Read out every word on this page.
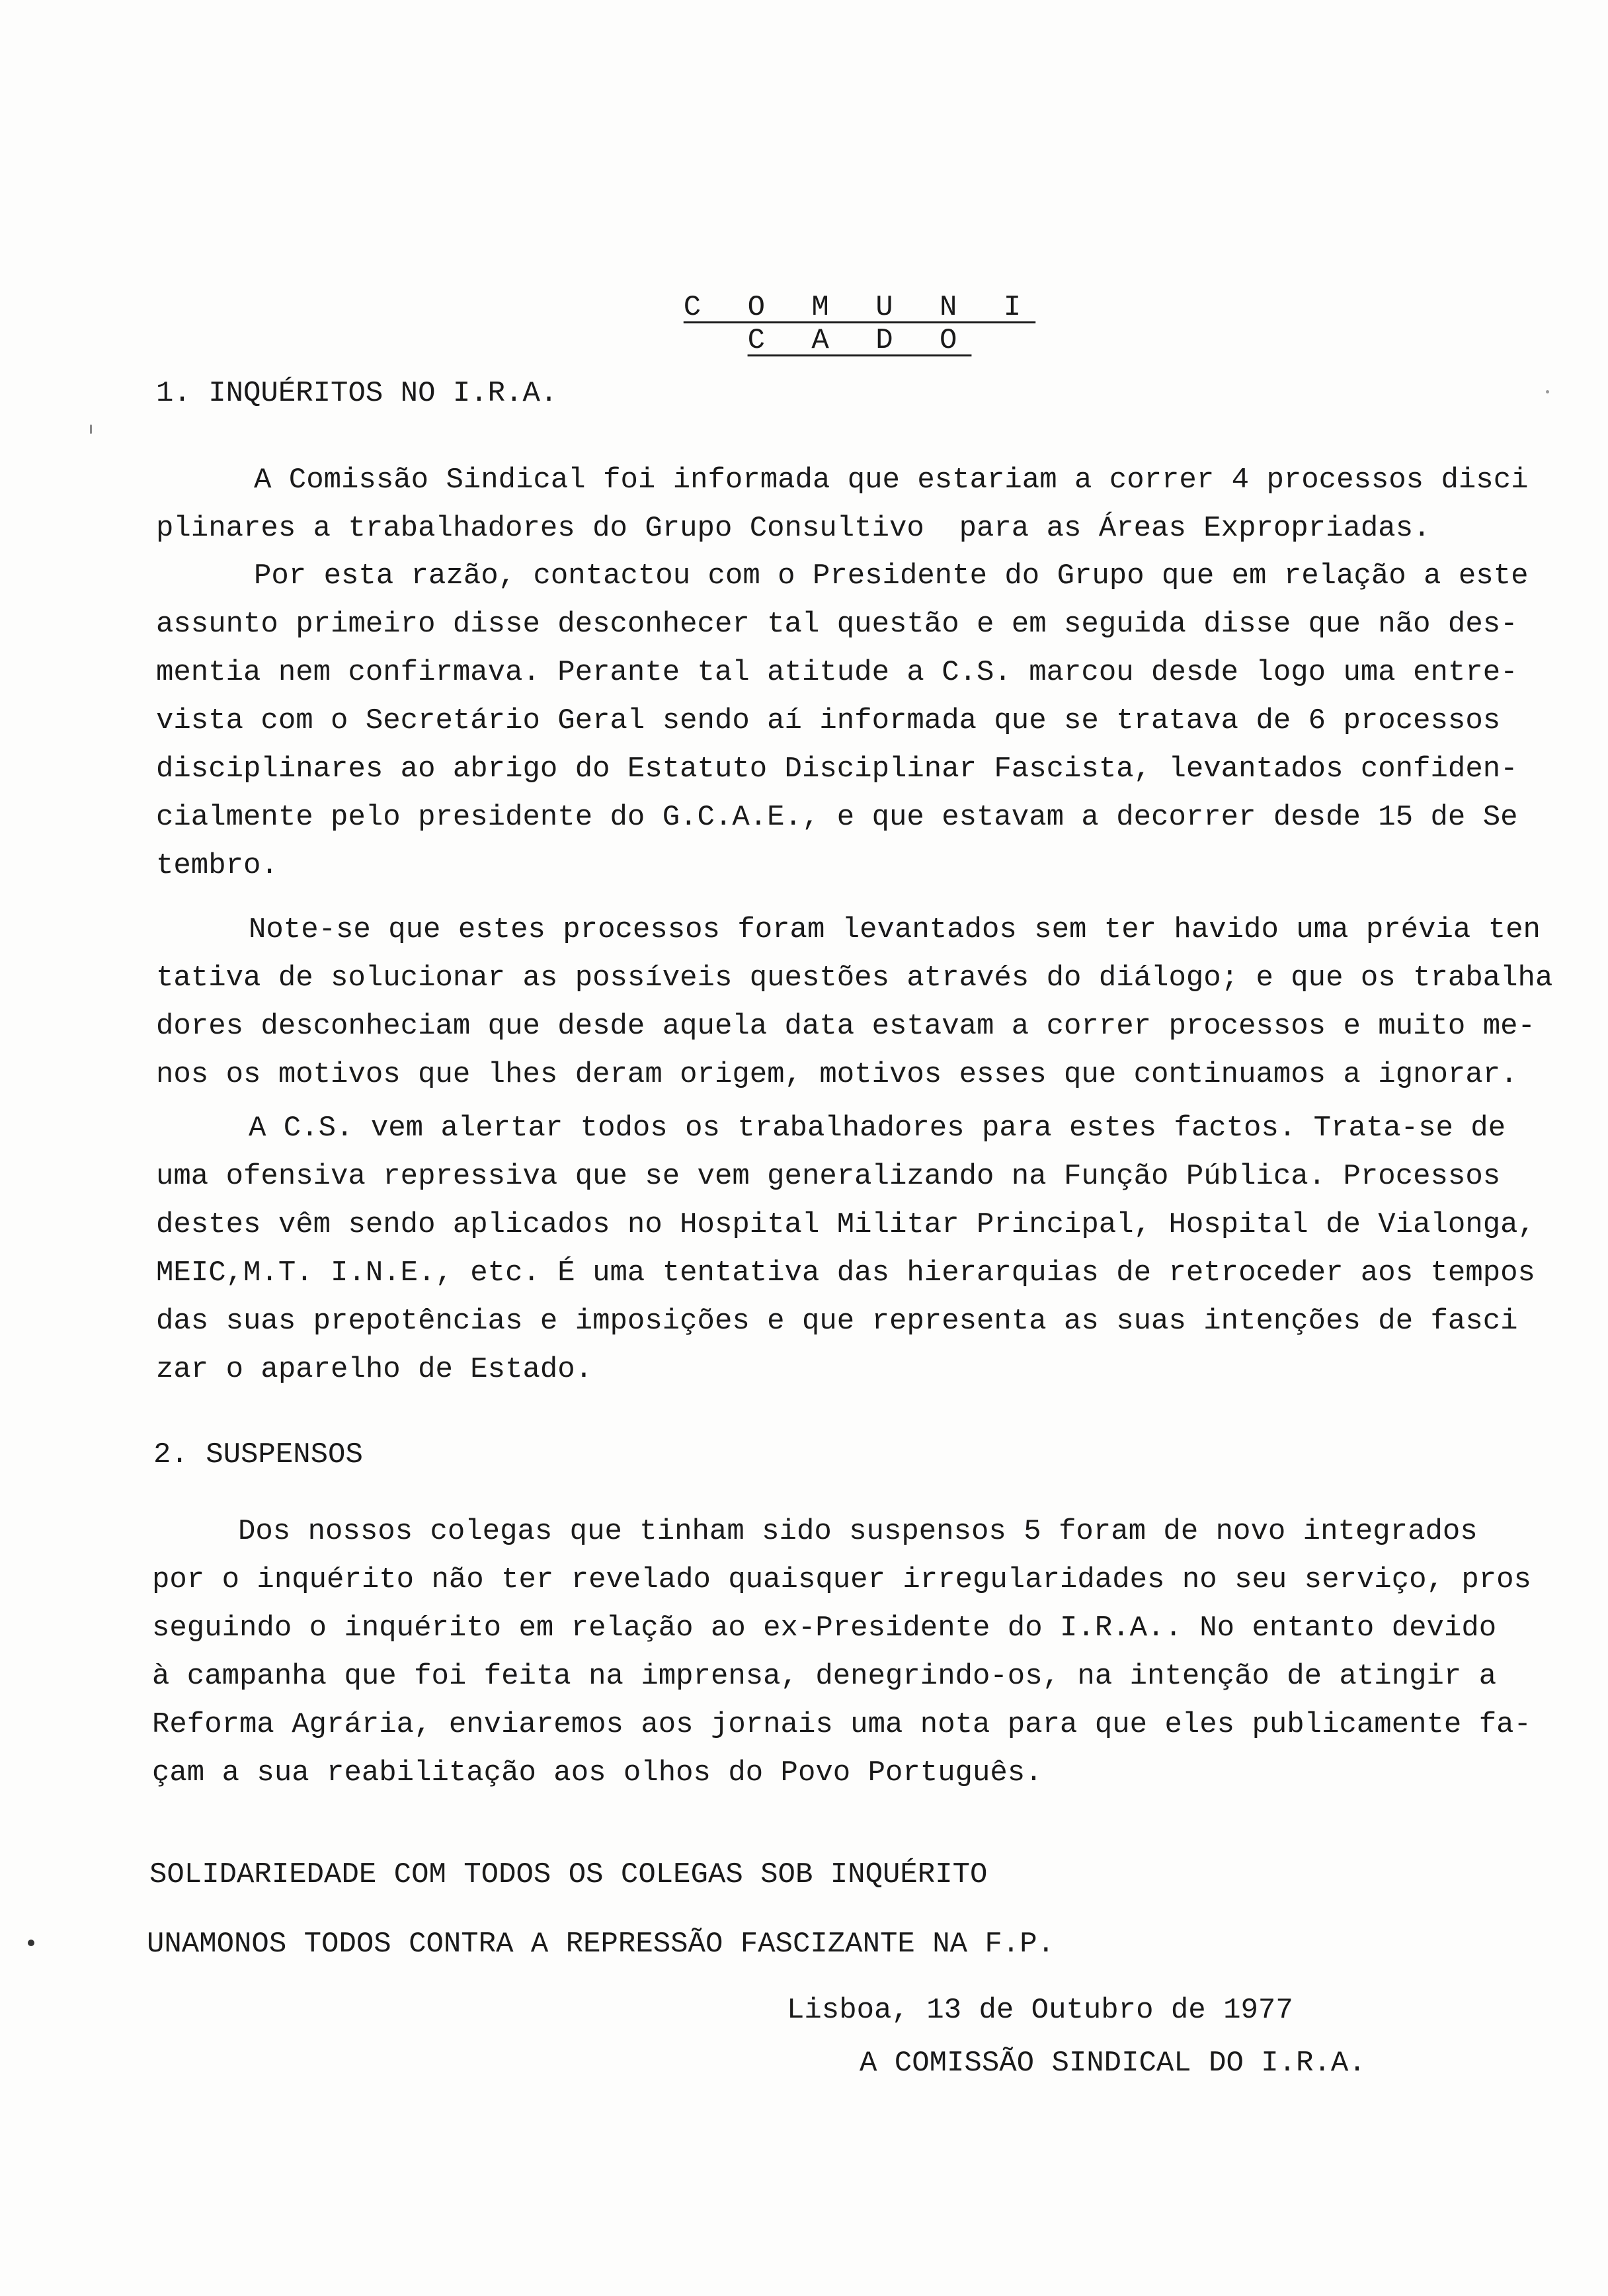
C O M U N I C A D O
1. INQUÉRITOS NO I.R.A.
A Comissão Sindical foi informada que estariam a correr 4 processos disci
plinares a trabalhadores do Grupo Consultivo  para as Áreas Expropriadas.
Por esta razão, contactou com o Presidente do Grupo que em relação a este
assunto primeiro disse desconhecer tal questão e em seguida disse que não des-
mentia nem confirmava. Perante tal atitude a C.S. marcou desde logo uma entre-
vista com o Secretário Geral sendo aí informada que se tratava de 6 processos
disciplinares ao abrigo do Estatuto Disciplinar Fascista, levantados confiden-
cialmente pelo presidente do G.C.A.E., e que estavam a decorrer desde 15 de Se
tembro.
Note-se que estes processos foram levantados sem ter havido uma prévia ten
tativa de solucionar as possíveis questões através do diálogo; e que os trabalha
dores desconheciam que desde aquela data estavam a correr processos e muito me-
nos os motivos que lhes deram origem, motivos esses que continuamos a ignorar.
A C.S. vem alertar todos os trabalhadores para estes factos. Trata-se de
uma ofensiva repressiva que se vem generalizando na Função Pública. Processos
destes vêm sendo aplicados no Hospital Militar Principal, Hospital de Vialonga,
MEIC,M.T. I.N.E., etc. É uma tentativa das hierarquias de retroceder aos tempos
das suas prepotências e imposições e que representa as suas intenções de fasci
zar o aparelho de Estado.
2. SUSPENSOS
Dos nossos colegas que tinham sido suspensos 5 foram de novo integrados
por o inquérito não ter revelado quaisquer irregularidades no seu serviço, pros
seguindo o inquérito em relação ao ex-Presidente do I.R.A.. No entanto devido
à campanha que foi feita na imprensa, denegrindo-os, na intenção de atingir a
Reforma Agrária, enviaremos aos jornais uma nota para que eles publicamente fa-
çam a sua reabilitação aos olhos do Povo Português.
SOLIDARIEDADE COM TODOS OS COLEGAS SOB INQUÉRITO
UNAMONOS TODOS CONTRA A REPRESSÃO FASCIZANTE NA F.P.
Lisboa, 13 de Outubro de 1977
A COMISSÃO SINDICAL DO I.R.A.
